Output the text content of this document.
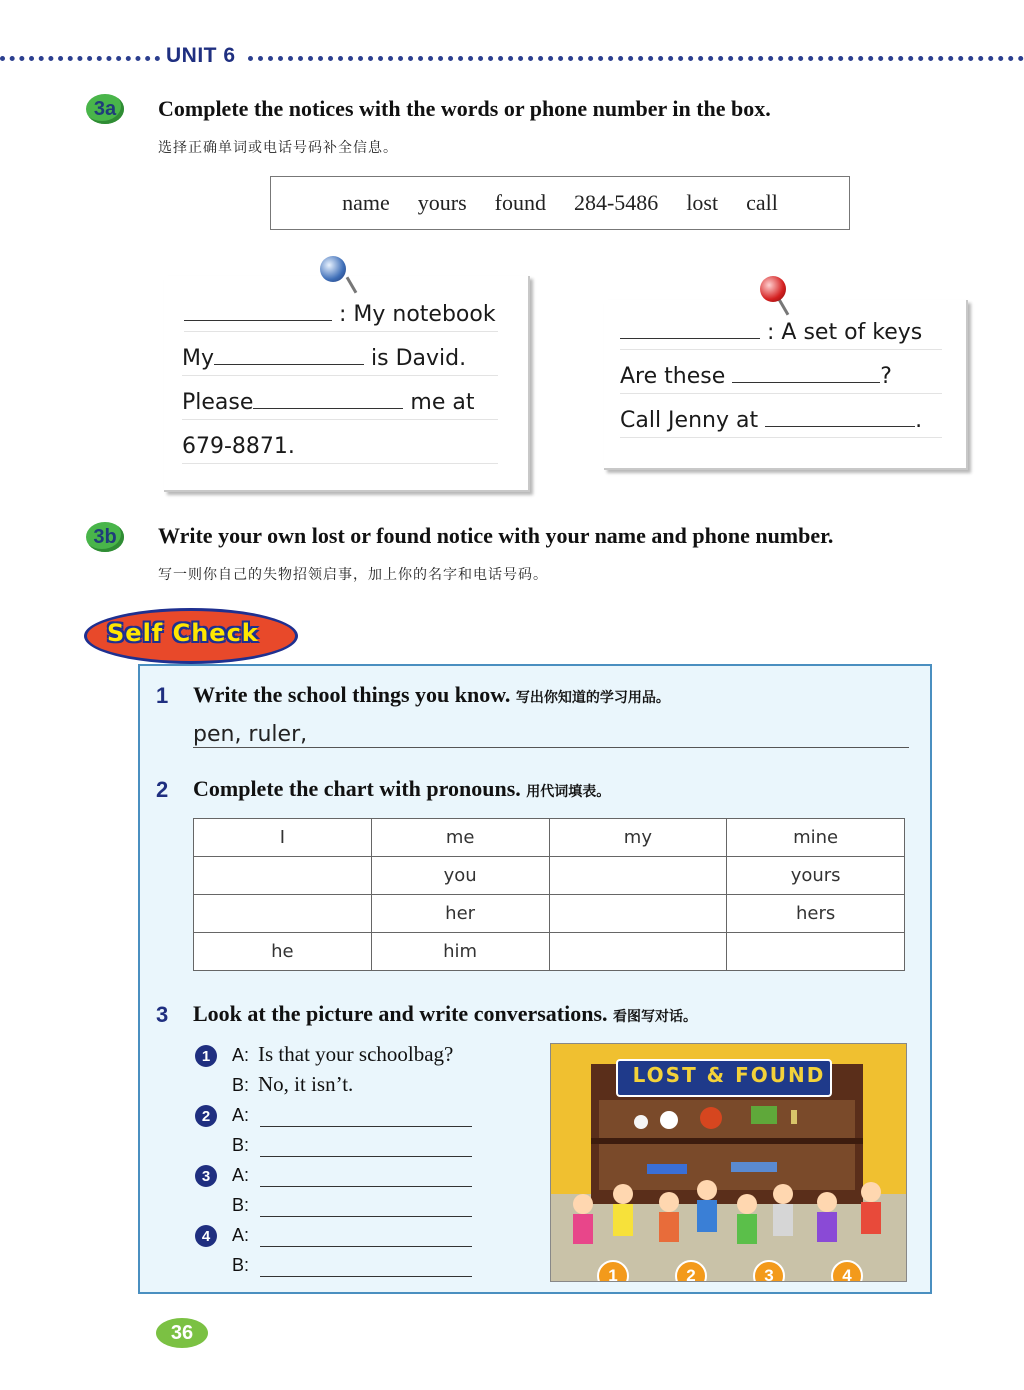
UNIT 6
3a	Complete the notices with the words or phone number in the box.
选择正确单词或电话号码补全信息。
name yours found 284-5486 lost call
: My notebook
My	is David.
Please	me at
679-8871.
: A set of keys
Are these	?
Call Jenny at	.
3b	Write your own lost or found notice with your name and phone number.
写一则你自己的失物招领启事，加上你的名字和电话号码。
Self Check
1 Write the school things you know. 写出你知道的学习用品。
pen, ruler,
2 Complete the chart with pronouns. 用代词填表。
I	me	my	mine
	you		yours
	her		hers
he	him		
3 Look at the picture and write conversations. 看图写对话。
1	A: Is that your schoolbag?
B: No, it isn’t.
2	A:
B:
3	A:
B:
4	A:
B:
LOST & FOUND
1	2	3	4
36
